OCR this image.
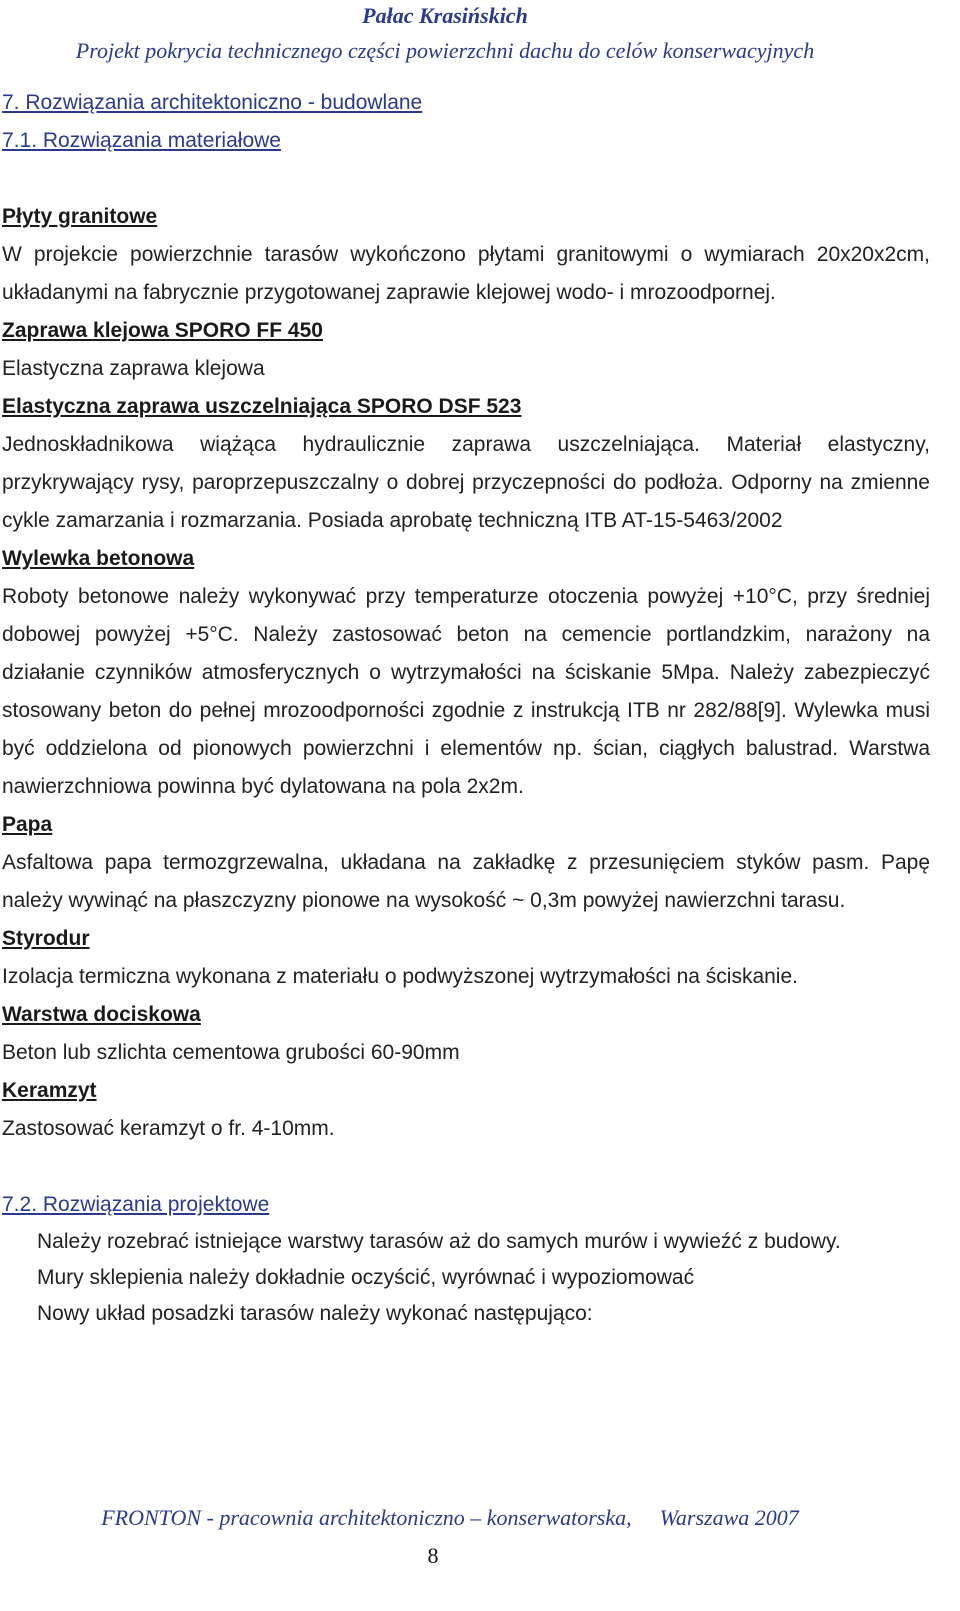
Pałac Krasińskich
Projekt pokrycia technicznego części powierzchni dachu do celów konserwacyjnych

7. Rozwiązania architektoniczno - budowlane

7.1. Rozwiązania materiałowe

Płyty granitowe

W projekcie powierzchnie tarasów wykończono płytami granitowymi o wymiarach 20x20x2cm, układanymi na fabrycznie przygotowanej zaprawie klejowej wodo- i mrozoodpornej.

Zaprawa klejowa SPORO FF 450

Elastyczna zaprawa klejowa

Elastyczna zaprawa uszczelniająca SPORO DSF 523

Jednoskładnikowa wiążąca hydraulicznie zaprawa uszczelniająca. Materiał elastyczny, przykrywający rysy, paroprzepuszczalny o dobrej przyczepności do podłoża. Odporny na zmienne cykle zamarzania i rozmarzania. Posiada aprobatę techniczną ITB AT-15-5463/2002

Wylewka betonowa

Roboty betonowe należy wykonywać przy temperaturze otoczenia powyżej +10°C, przy średniej dobowej powyżej +5°C. Należy zastosować beton na cemencie portlandzkim, narażony na działanie czynników atmosferycznych o wytrzymałości na ściskanie 5Mpa. Należy zabezpieczyć stosowany beton do pełnej mrozoodporności zgodnie z instrukcją ITB nr 282/88[9]. Wylewka musi być oddzielona od pionowych powierzchni i elementów np. ścian, ciągłych balustrad. Warstwa nawierzchniowa powinna być dylatowana na pola 2x2m.

Papa

Asfaltowa papa termozgrzewalna, układana na zakładkę z przesunięciem styków pasm. Papę należy wywinąć na płaszczyzny pionowe na wysokość ~ 0,3m powyżej nawierzchni tarasu.

Styrodur

Izolacja termiczna wykonana z materiału o podwyższonej wytrzymałości na ściskanie.

Warstwa dociskowa

Beton lub szlichta cementowa grubości 60-90mm

Keramzyt

Zastosować keramzyt o fr. 4-10mm.

7.2. Rozwiązania projektowe

Należy rozebrać istniejące warstwy tarasów aż do samych murów i wywieźć z budowy.

Mury sklepienia należy dokładnie oczyścić, wyrównać i wypoziomować

Nowy układ posadzki tarasów należy wykonać następująco:

FRONTON - pracownia architektoniczno – konserwatorska, Warszawa 2007
8
